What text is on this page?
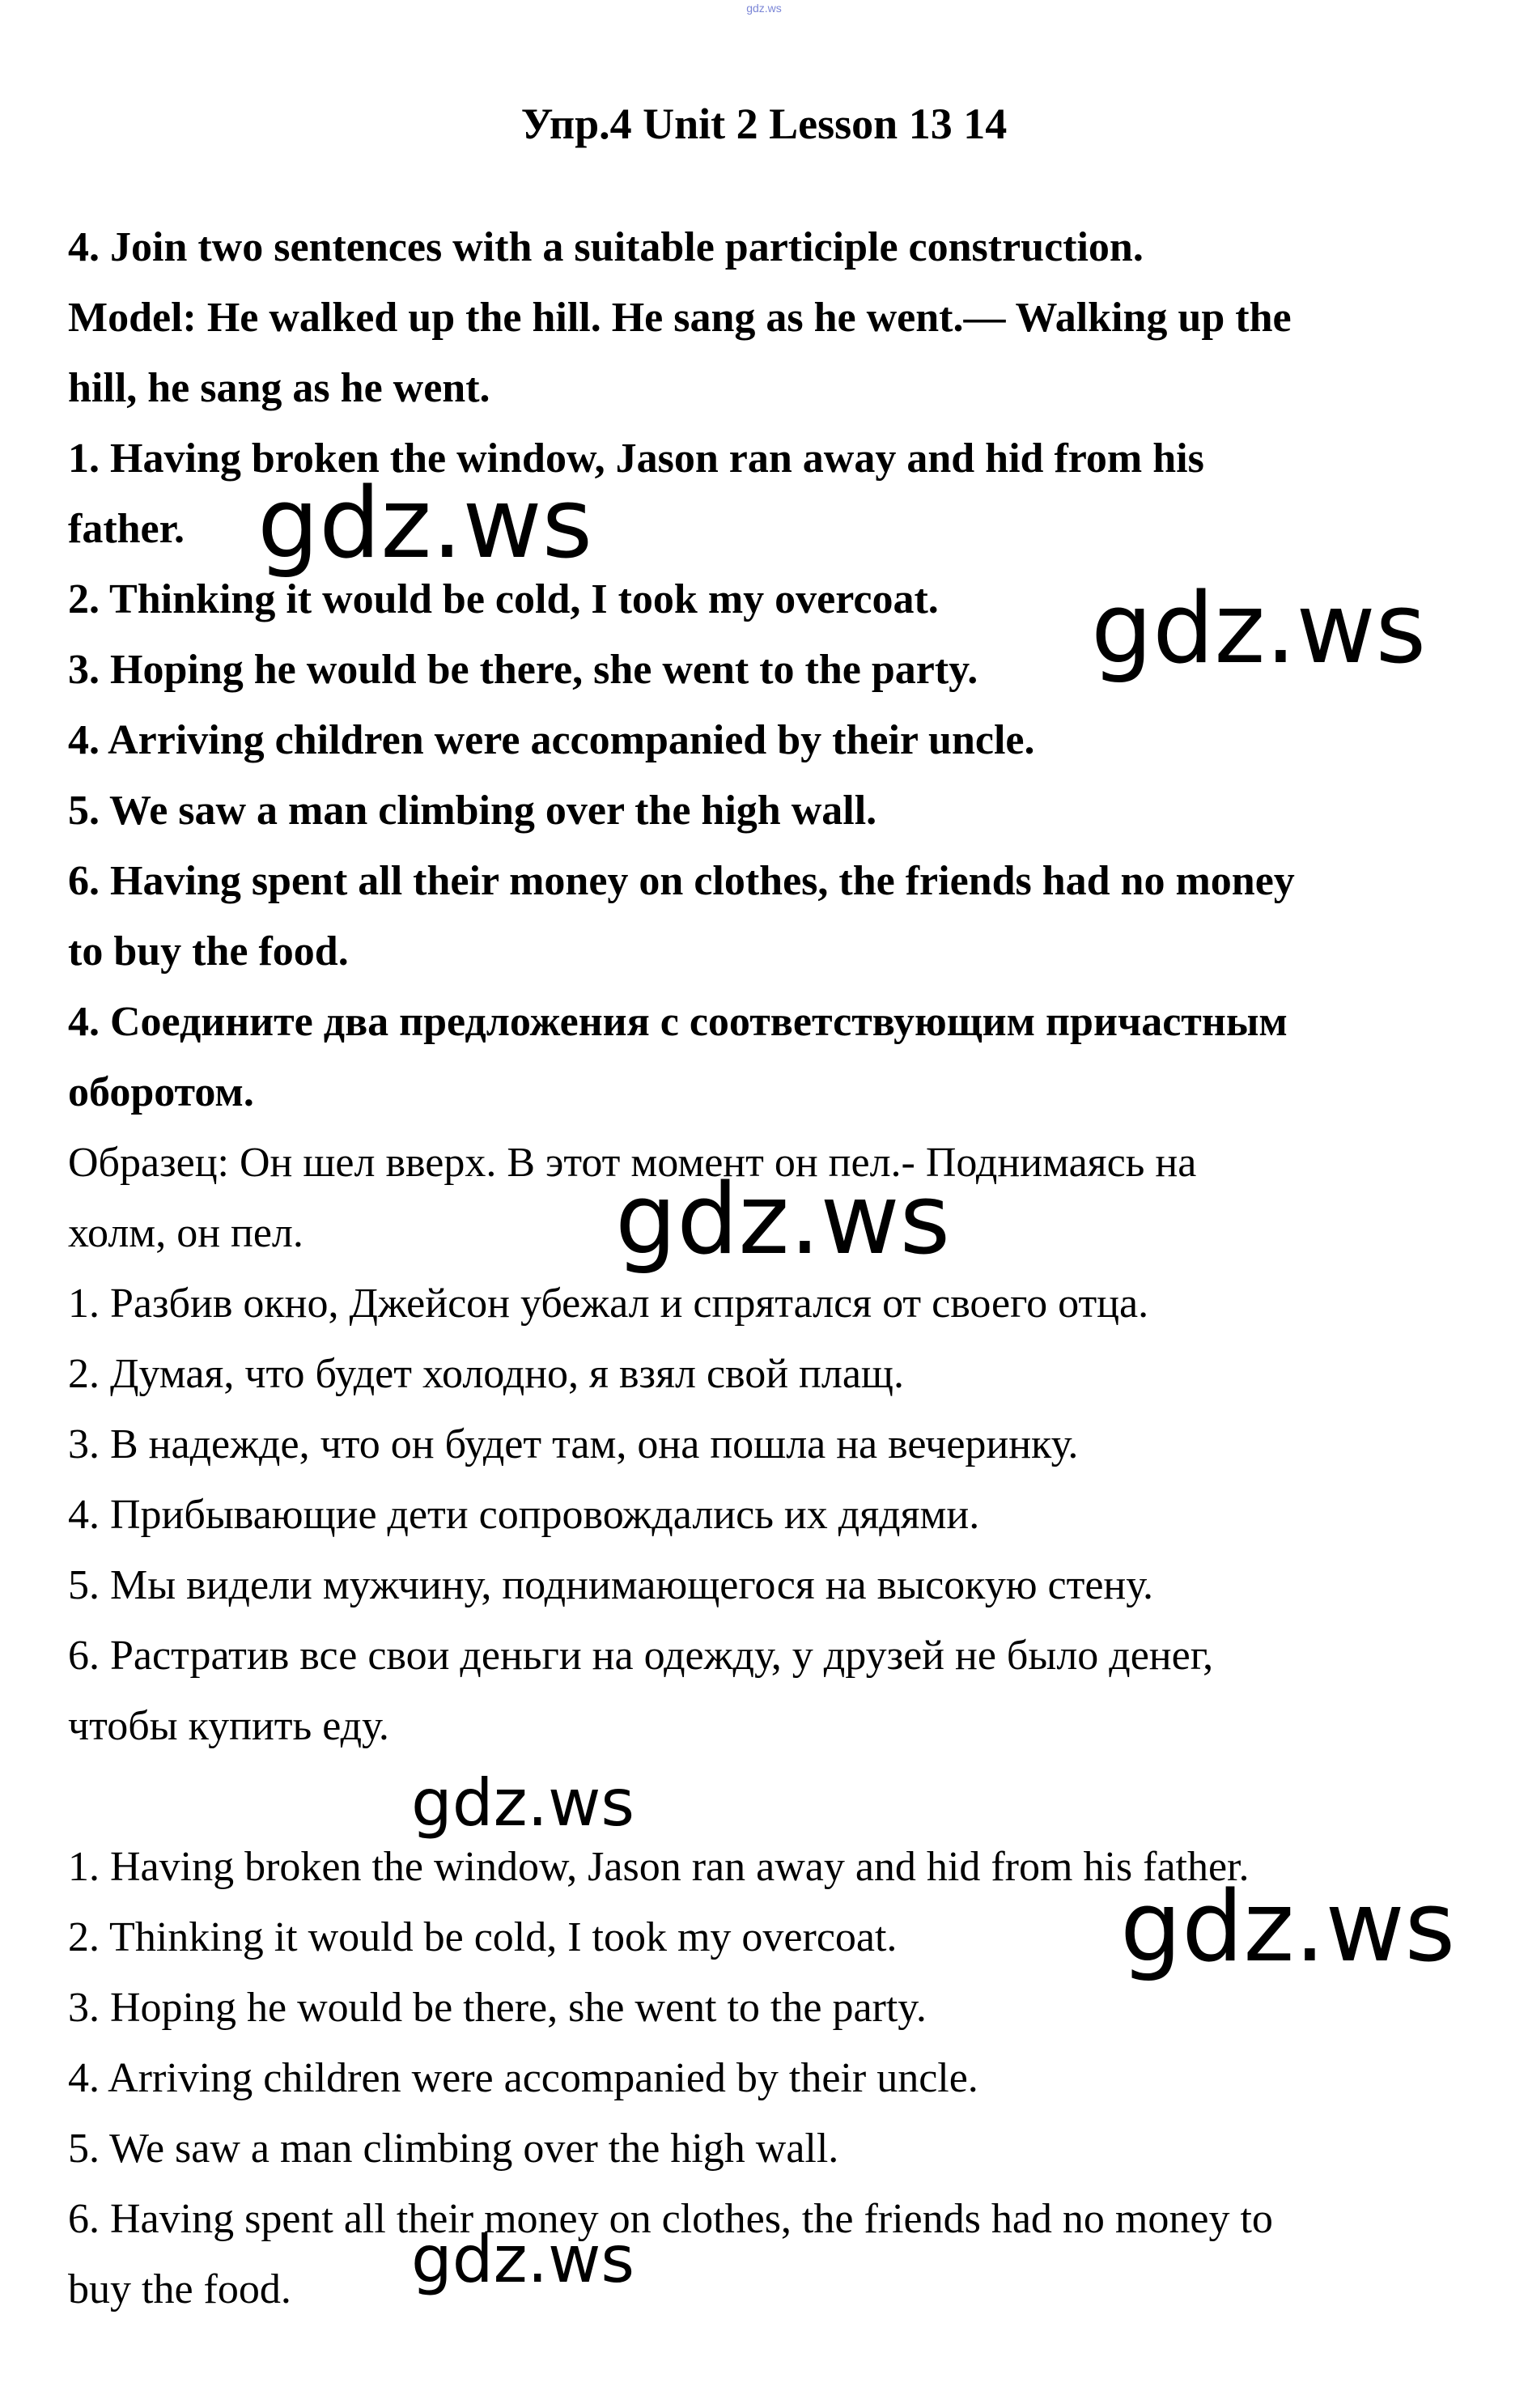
gdz.ws
Упр.4 Unit 2 Lesson 13 14
4. Join two sentences with a suitable participle construction.
Model: He walked up the hill. He sang as he went.— Walking up the
hill, he sang as he went.
1. Having broken the window, Jason ran away and hid from his
father.
2. Thinking it would be cold, I took my overcoat.
3. Hoping he would be there, she went to the party.
4. Arriving children were accompanied by their uncle.
5. We saw a man climbing over the high wall.
6. Having spent all their money on clothes, the friends had no money
to buy the food.
4. Соедините два предложения с соответствующим причастным
оборотом.
Образец: Он шел вверх. В этот момент он пел.- Поднимаясь на
холм, он пел.
1. Разбив окно, Джейсон убежал и спрятался от своего отца.
2. Думая, что будет холодно, я взял свой плащ.
3. В надежде, что он будет там, она пошла на вечеринку.
4. Прибывающие дети сопровождались их дядями.
5. Мы видели мужчину, поднимающегося на высокую стену.
6. Растратив все свои деньги на одежду, у друзей не было денег,
чтобы купить еду.
1. Having broken the window, Jason ran away and hid from his father.
2. Thinking it would be cold, I took my overcoat.
3. Hoping he would be there, she went to the party.
4. Arriving children were accompanied by their uncle.
5. We saw a man climbing over the high wall.
6. Having spent all their money on clothes, the friends had no money to
buy the food.
gdz.ws
gdz.ws
gdz.ws
gdz.ws
gdz.ws
gdz.ws
